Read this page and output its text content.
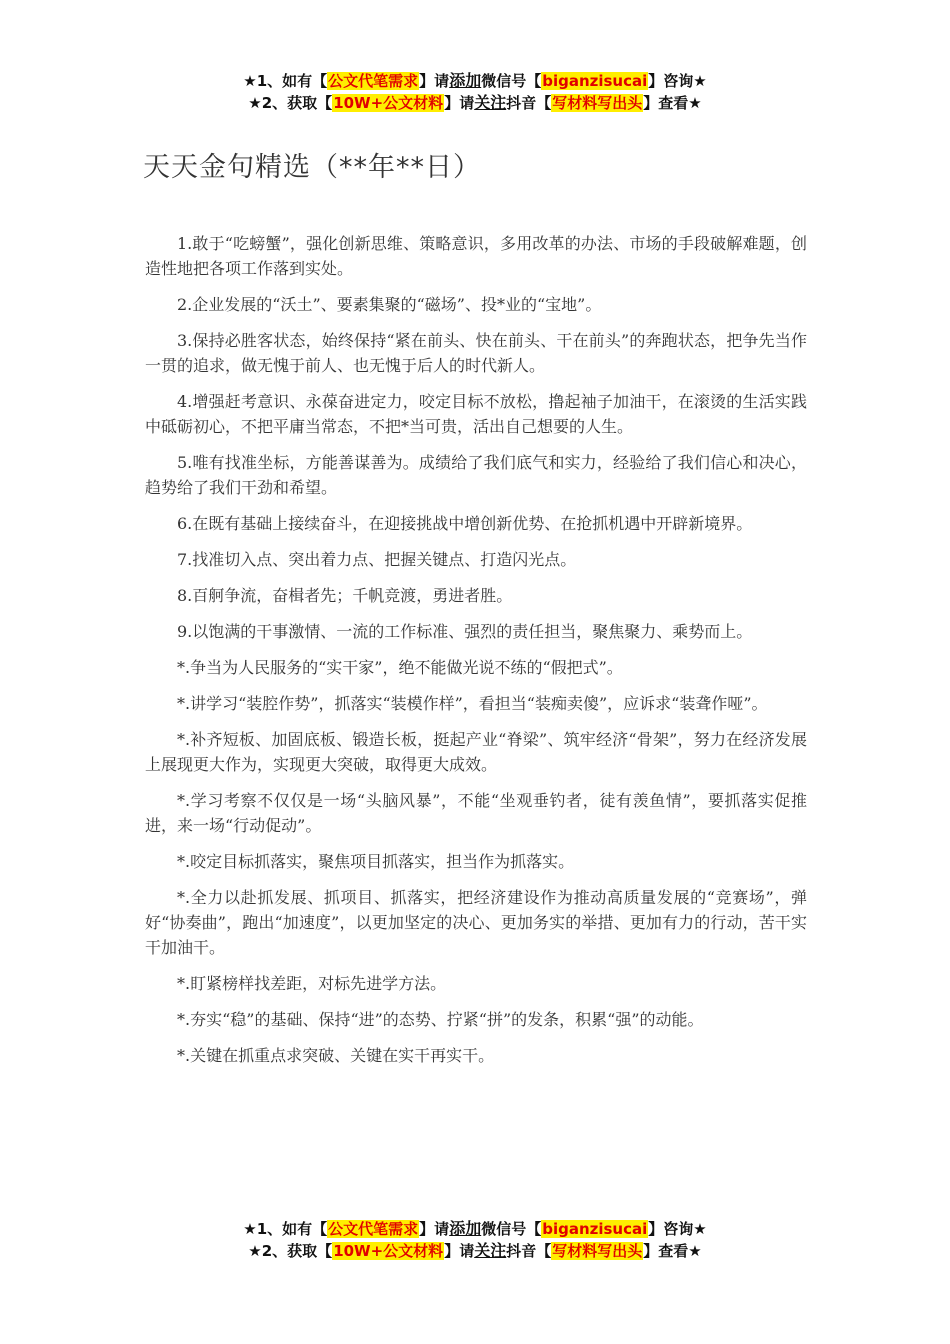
★1、如有【公文代笔需求】请添加微信号【biganzisucai】咨询★
★2、获取【10W+公文材料】请关注抖音【写材料写出头】查看★
天天金句精选（**年**日）

1.敢于“吃螃蟹”，强化创新思维、策略意识，多用改革的办法、市场的手段破解难题，创造性地把各项工作落到实处。

2.企业发展的“沃土”、要素集聚的“磁场”、投*业的“宝地”。

3.保持必胜客状态，始终保持“紧在前头、快在前头、干在前头”的奔跑状态，把争先当作一贯的追求，做无愧于前人、也无愧于后人的时代新人。

4.增强赶考意识、永葆奋进定力，咬定目标不放松，撸起袖子加油干，在滚烫的生活实践中砥砺初心，不把平庸当常态，不把*当可贵，活出自己想要的人生。

5.唯有找准坐标，方能善谋善为。成绩给了我们底气和实力，经验给了我们信心和决心，趋势给了我们干劲和希望。

6.在既有基础上接续奋斗，在迎接挑战中增创新优势、在抢抓机遇中开辟新境界。

7.找准切入点、突出着力点、把握关键点、打造闪光点。

8.百舸争流，奋楫者先；千帆竞渡，勇进者胜。

9.以饱满的干事激情、一流的工作标准、强烈的责任担当，聚焦聚力、乘势而上。

*.争当为人民服务的“实干家”，绝不能做光说不练的“假把式”。

*.讲学习“装腔作势”，抓落实“装模作样”，看担当“装痴卖傻”，应诉求“装聋作哑”。

*.补齐短板、加固底板、锻造长板，挺起产业“脊梁”、筑牢经济“骨架”，努力在经济发展上展现更大作为，实现更大突破，取得更大成效。

*.学习考察不仅仅是一场“头脑风暴”，不能“坐观垂钓者，徒有羡鱼情”，要抓落实促推进，来一场“行动促动”。

*.咬定目标抓落实，聚焦项目抓落实，担当作为抓落实。

*.全力以赴抓发展、抓项目、抓落实，把经济建设作为推动高质量发展的“竞赛场”，弹好“协奏曲”，跑出“加速度”，以更加坚定的决心、更加务实的举措、更加有力的行动，苦干实干加油干。

*.盯紧榜样找差距，对标先进学方法。

*.夯实“稳”的基础、保持“进”的态势、拧紧“拼”的发条，积累“强”的动能。

*.关键在抓重点求突破、关键在实干再实干。

★1、如有【公文代笔需求】请添加微信号【biganzisucai】咨询★
★2、获取【10W+公文材料】请关注抖音【写材料写出头】查看★
